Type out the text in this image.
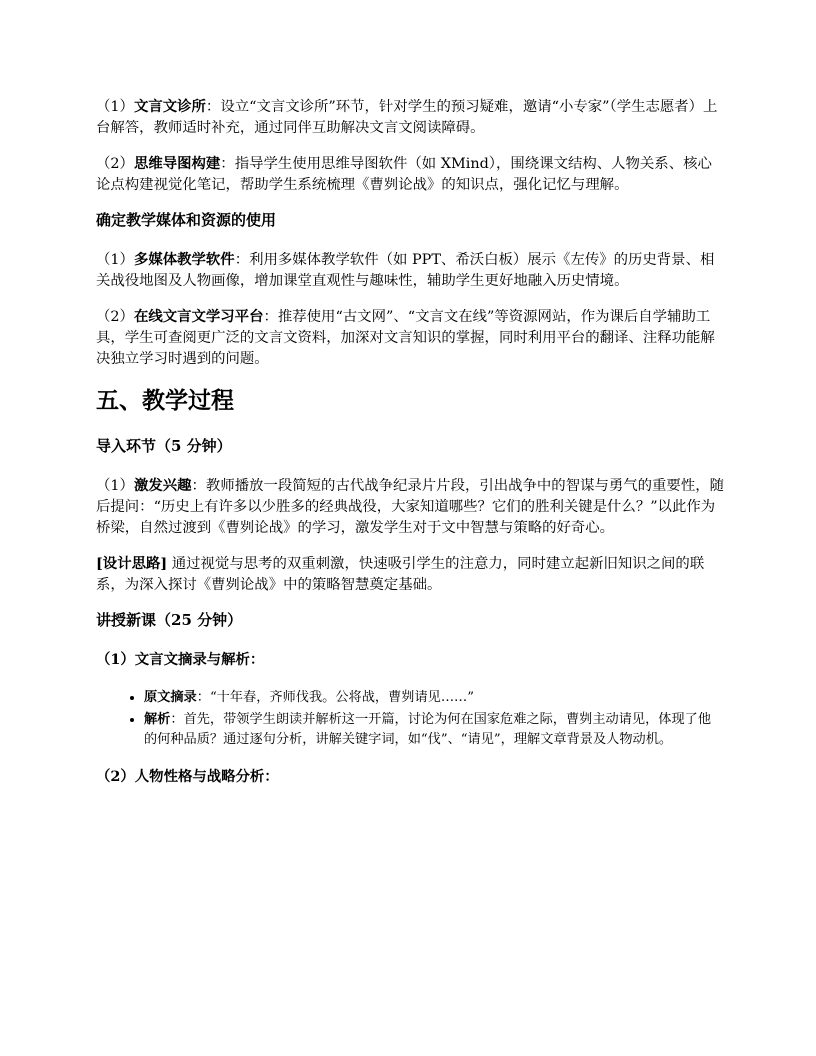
（1）文言文诊所：设立“文言文诊所”环节，针对学生的预习疑难，邀请“小专家”（学生志愿者）上台解答，教师适时补充，通过同伴互助解决文言文阅读障碍。

（2）思维导图构建：指导学生使用思维导图软件（如 XMind），围绕课文结构、人物关系、核心论点构建视觉化笔记，帮助学生系统梳理《曹刿论战》的知识点，强化记忆与理解。

确定教学媒体和资源的使用

（1）多媒体教学软件：利用多媒体教学软件（如 PPT、希沃白板）展示《左传》的历史背景、相关战役地图及人物画像，增加课堂直观性与趣味性，辅助学生更好地融入历史情境。

（2）在线文言文学习平台：推荐使用“古文网”、“文言文在线”等资源网站，作为课后自学辅助工具，学生可查阅更广泛的文言文资料，加深对文言知识的掌握，同时利用平台的翻译、注释功能解决独立学习时遇到的问题。

五、教学过程

导入环节（5 分钟）

（1）激发兴趣：教师播放一段简短的古代战争纪录片片段，引出战争中的智谋与勇气的重要性，随后提问：“历史上有许多以少胜多的经典战役，大家知道哪些？它们的胜利关键是什么？”以此作为桥梁，自然过渡到《曹刿论战》的学习，激发学生对于文中智慧与策略的好奇心。

[设计思路] 通过视觉与思考的双重刺激，快速吸引学生的注意力，同时建立起新旧知识之间的联系，为深入探讨《曹刿论战》中的策略智慧奠定基础。

讲授新课（25 分钟）

（1）文言文摘录与解析：

• 原文摘录：“十年春，齐师伐我。公将战，曹刿请见……”
• 解析：首先，带领学生朗读并解析这一开篇，讨论为何在国家危难之际，曹刿主动请见，体现了他的何种品质？通过逐句分析，讲解关键字词，如“伐”、“请见”，理解文章背景及人物动机。

（2）人物性格与战略分析：
